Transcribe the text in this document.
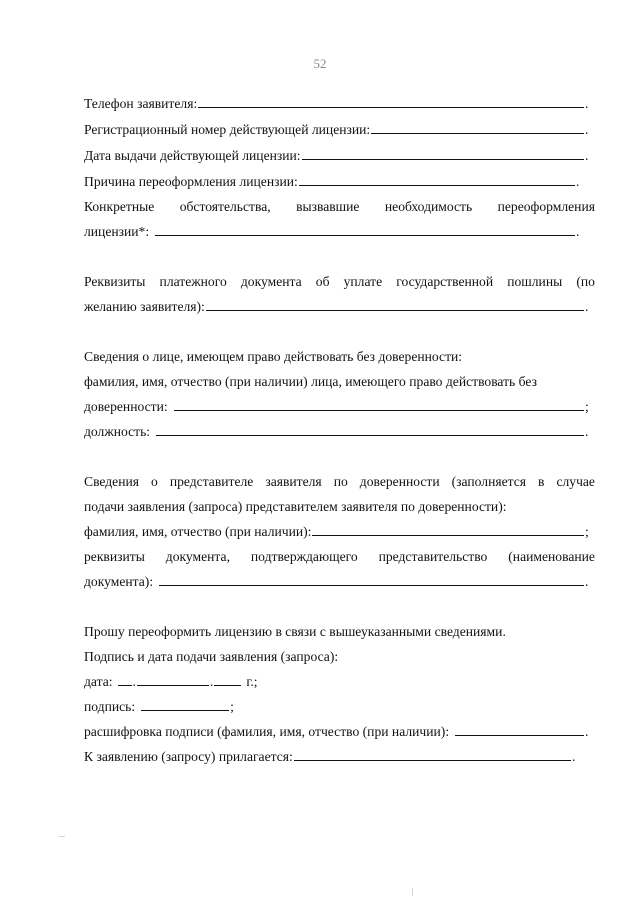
52
Телефон заявителя:	.
Регистрационный номер действующей лицензии:	.
Дата выдачи действующей лицензии:	.
Причина переоформления лицензии:	.
Конкретные обстоятельства, вызвавшие необходимость переоформления
лицензии*:	.
Реквизиты платежного документа об уплате государственной пошлины (по
желанию заявителя):	.
Сведения о лице, имеющем право действовать без доверенности:
фамилия, имя, отчество (при наличии) лица, имеющего право действовать без
доверенности:	;
должность:	.
Сведения о представителе заявителя по доверенности (заполняется в случае
подачи заявления (запроса) представителем заявителя по доверенности):
фамилия, имя, отчество (при наличии):	;
реквизиты документа, подтверждающего представительство (наименование
документа):	.
Прошу переоформить лицензию в связи с вышеуказанными сведениями.
Подпись и дата подачи заявления (запроса):
дата: .	. г.;
подпись:	;
расшифровка подписи (фамилия, имя, отчество (при наличии):	.
К заявлению (запросу) прилагается:	.
